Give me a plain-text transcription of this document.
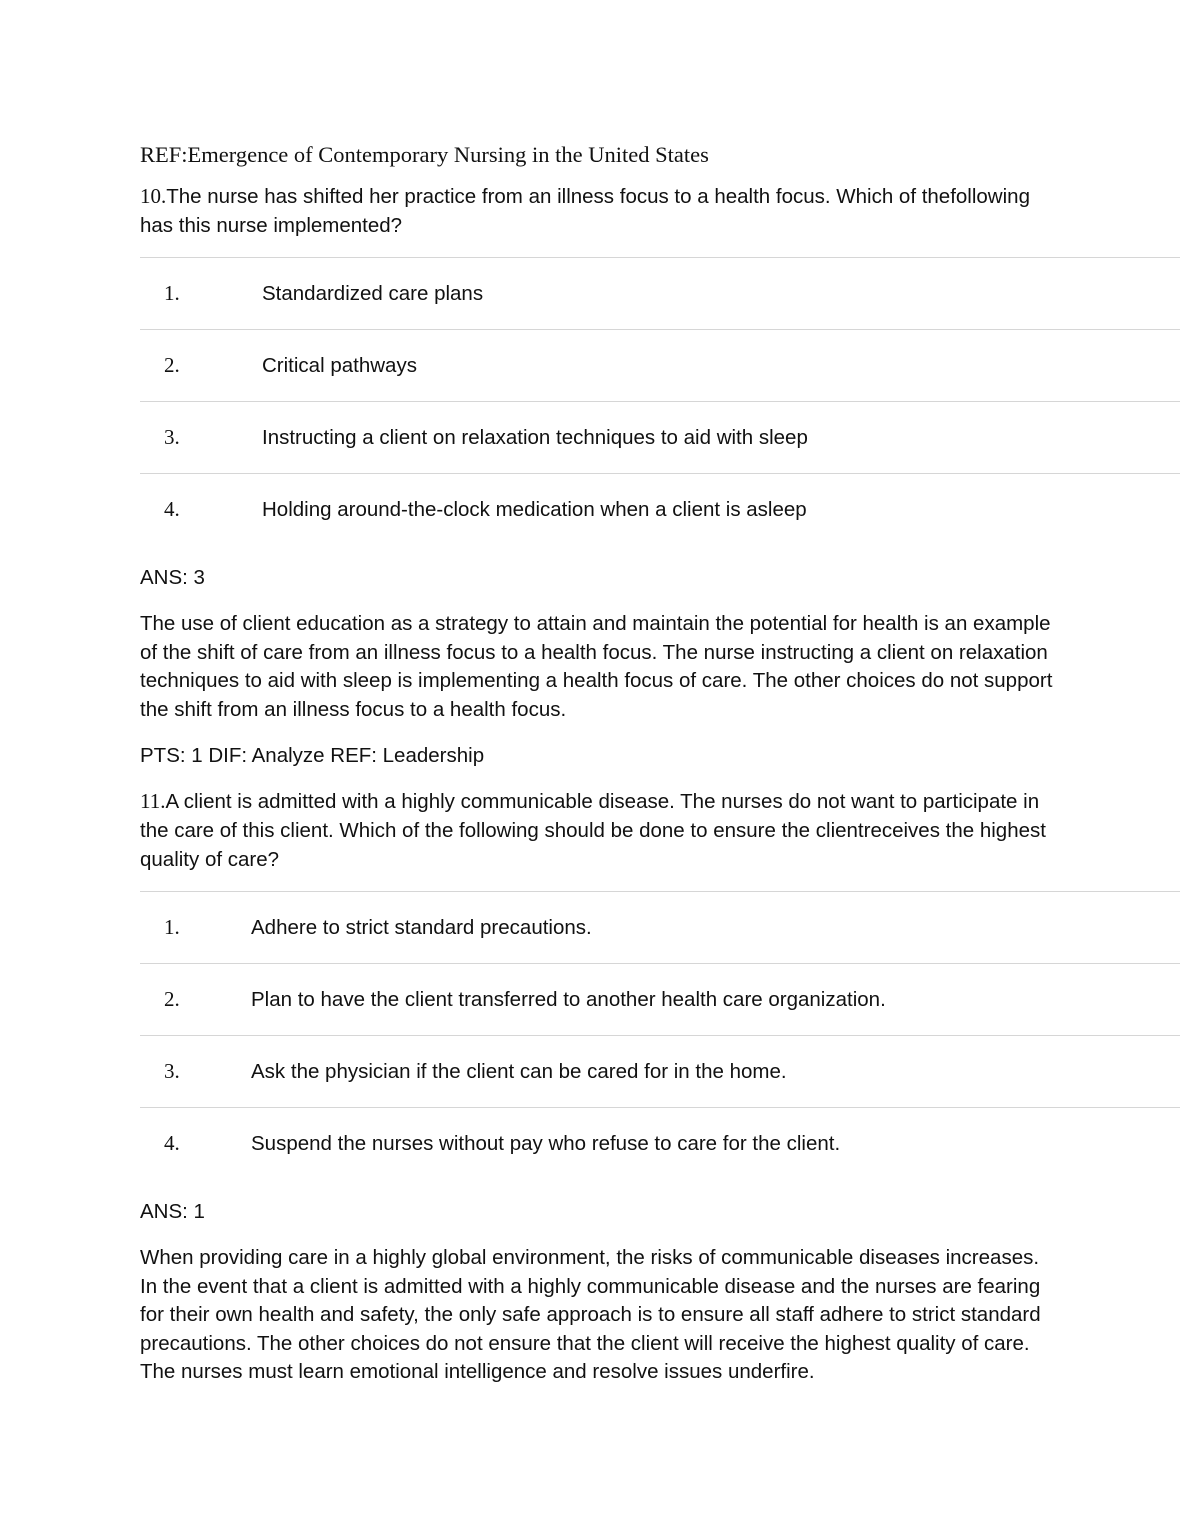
REF:Emergence of Contemporary Nursing in the United States
10.The nurse has shifted her practice from an illness focus to a health focus. Which of thefollowing has this nurse implemented?
1.	Standardized care plans
2.	Critical pathways
3.	Instructing a client on relaxation techniques to aid with sleep
4.	Holding around-the-clock medication when a client is asleep
ANS: 3
The use of client education as a strategy to attain and maintain the potential for health is an example of the shift of care from an illness focus to a health focus. The nurse instructing a client on relaxation techniques to aid with sleep is implementing a health focus of care. The other choices do not support the shift from an illness focus to a health focus.
PTS: 1 DIF: Analyze REF: Leadership
11.A client is admitted with a highly communicable disease. The nurses do not want to participate in the care of this client. Which of the following should be done to ensure the clientreceives the highest quality of care?
1.	Adhere to strict standard precautions.
2.	Plan to have the client transferred to another health care organization.
3.	Ask the physician if the client can be cared for in the home.
4.	Suspend the nurses without pay who refuse to care for the client.
ANS: 1
When providing care in a highly global environment, the risks of communicable diseases increases. In the event that a client is admitted with a highly communicable disease and the nurses are fearing for their own health and safety, the only safe approach is to ensure all staff adhere to strict standard precautions. The other choices do not ensure that the client will receive the highest quality of care. The nurses must learn emotional intelligence and resolve issues underfire.
